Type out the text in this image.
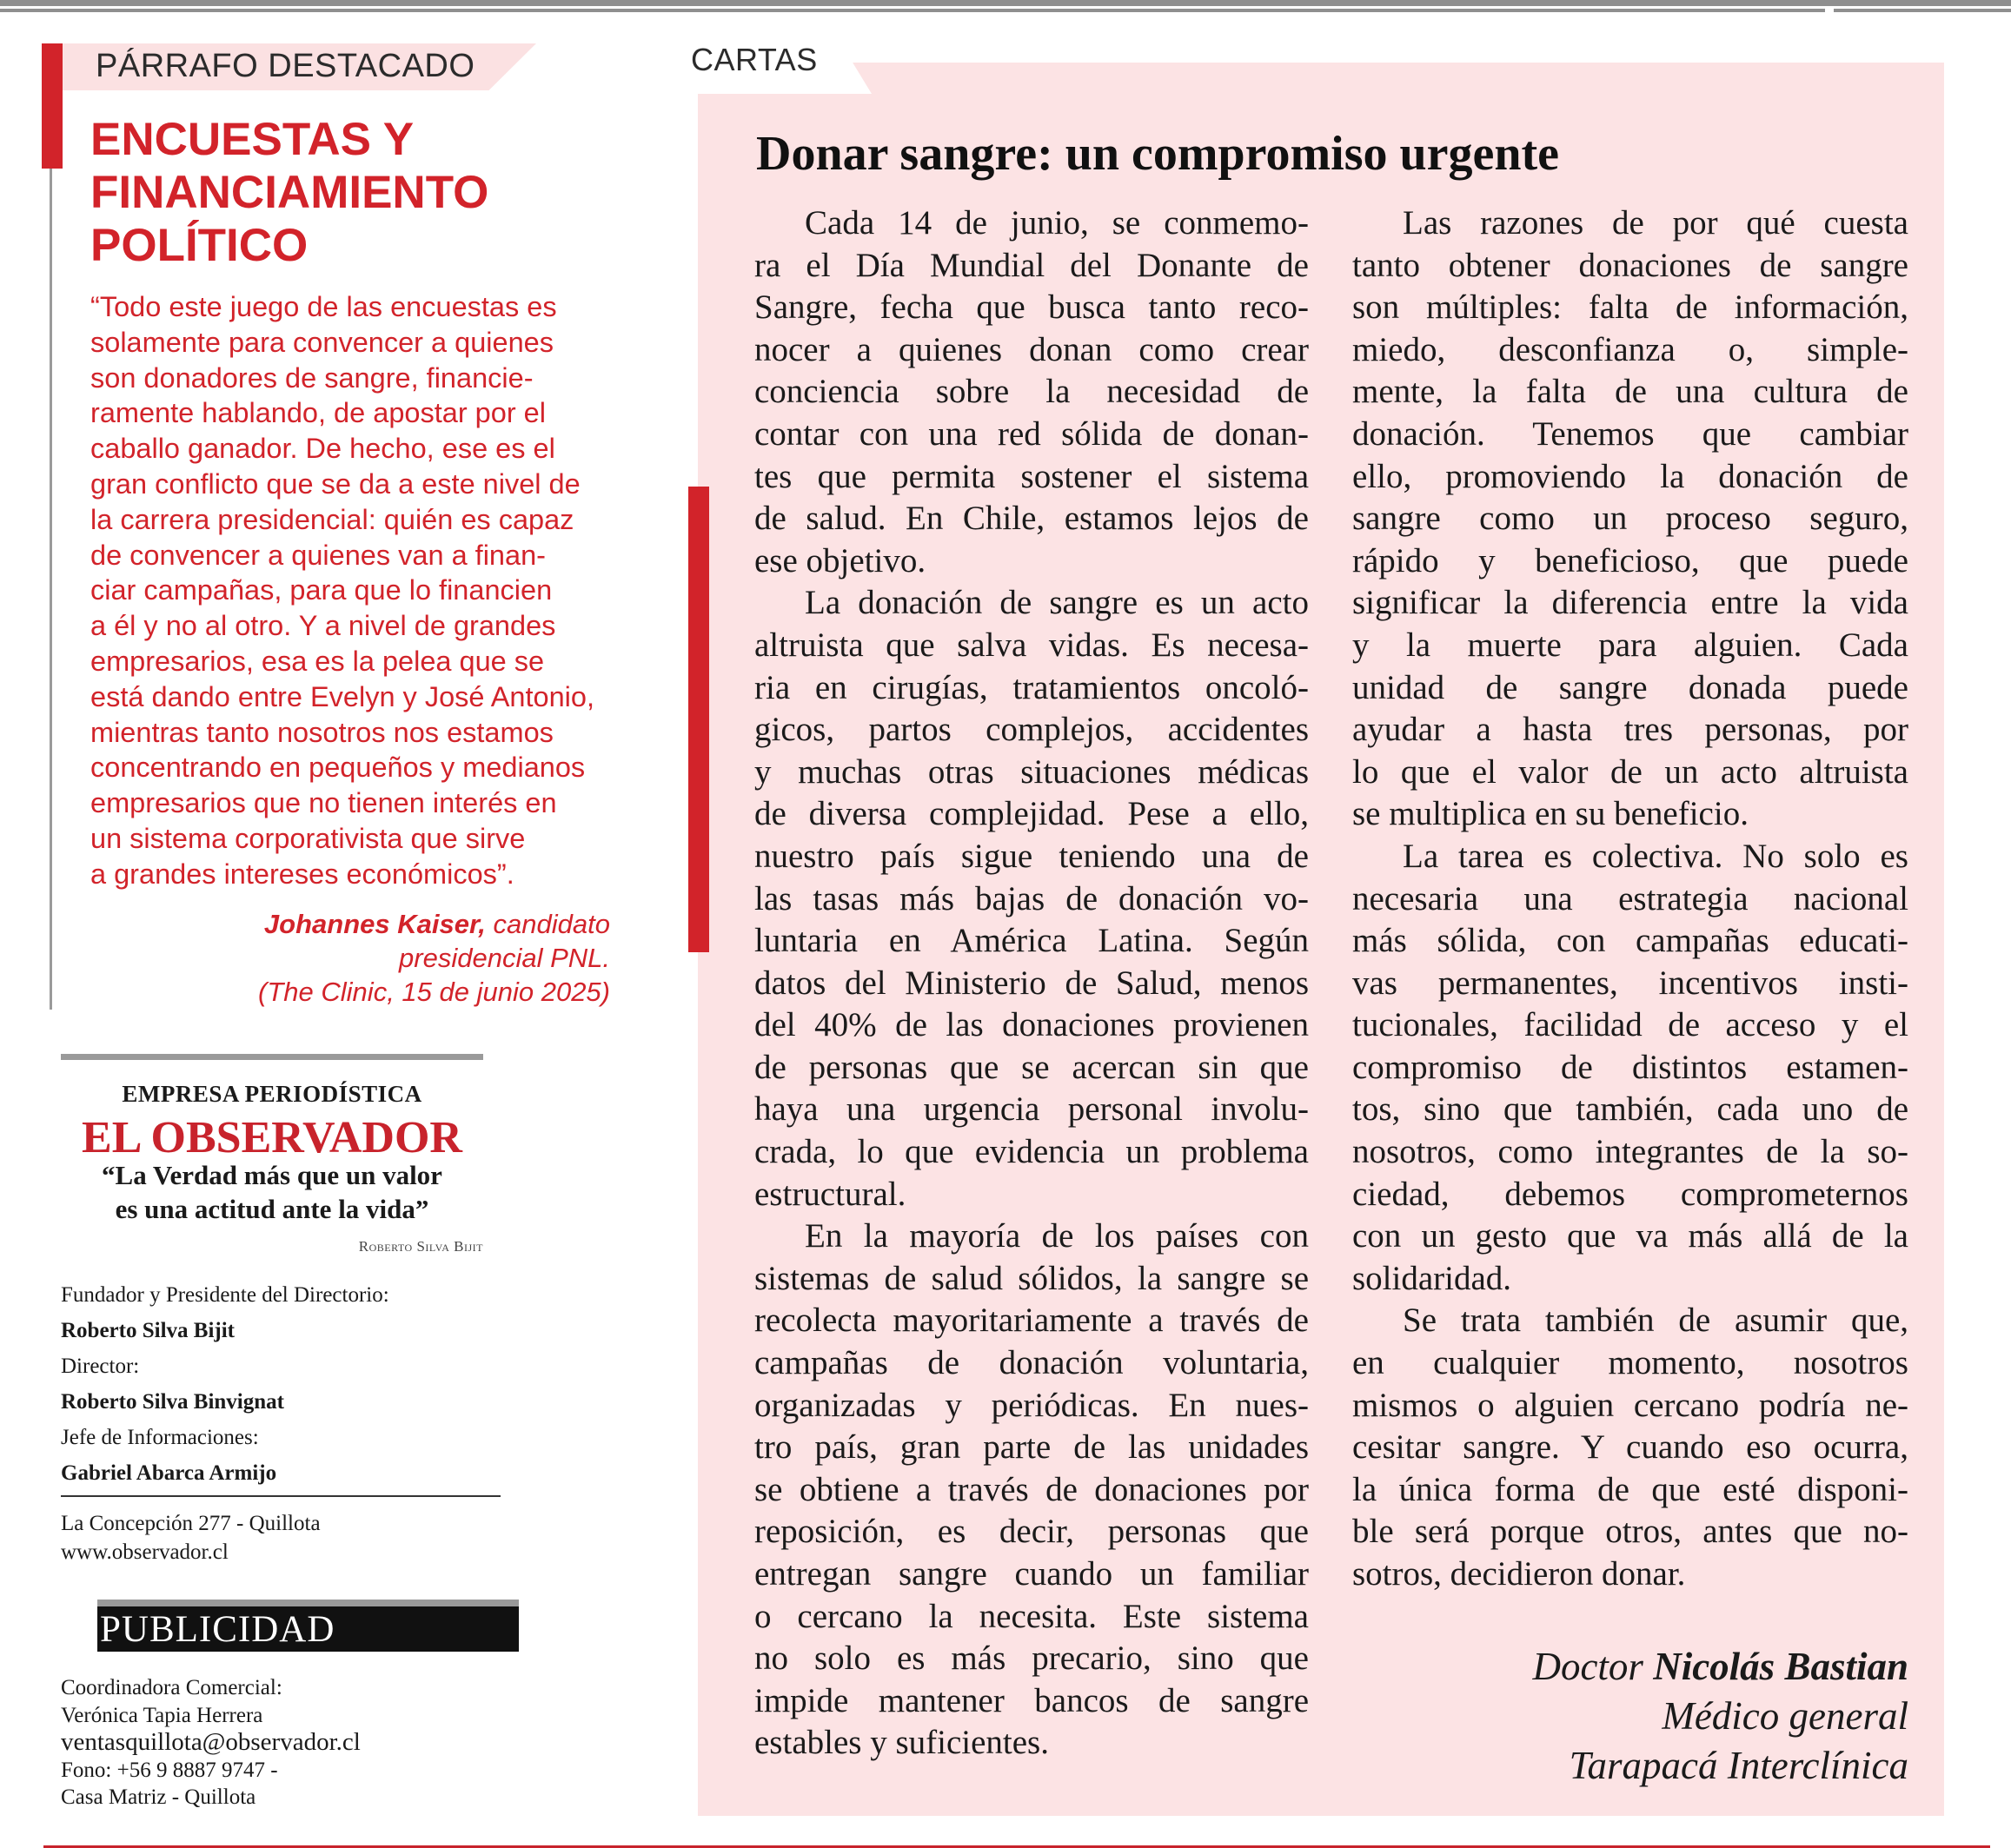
PÁRRAFO DESTACADO
ENCUESTAS Y
FINANCIAMIENTO
POLÍTICO
“Todo este juego de las encuestas es
solamente para convencer a quienes
son donadores de sangre, financie-
ramente hablando, de apostar por el
caballo ganador. De hecho, ese es el
gran conflicto que se da a este nivel de
la carrera presidencial: quién es capaz
de convencer a quienes van a finan-
ciar campañas, para que lo financien
a él y no al otro. Y a nivel de grandes
empresarios, esa es la pelea que se
está dando entre Evelyn y José Antonio,
mientras tanto nosotros nos estamos
concentrando en pequeños y medianos
empresarios que no tienen interés en
un sistema corporativista que sirve
a grandes intereses económicos”.
Johannes Kaiser, candidato
presidencial PNL.
(The Clinic, 15 de junio 2025)
EMPRESA PERIODÍSTICA
EL OBSERVADOR
“La Verdad más que un valor
es una actitud ante la vida”
Roberto Silva Bijit
Fundador y Presidente del Directorio:
Roberto Silva Bijit
Director:
Roberto Silva Binvignat
Jefe de Informaciones:
Gabriel Abarca Armijo
La Concepción 277 - Quillota
www.observador.cl
PUBLICIDAD
Coordinadora Comercial:
Verónica Tapia Herrera
ventasquillota@observador.cl
Fono: +56 9 8887 9747 -
Casa Matriz - Quillota
CARTAS
Donar sangre: un compromiso urgente
Cada 14 de junio, se conmemo-
ra el Día Mundial del Donante de
Sangre, fecha que busca tanto reco-
nocer a quienes donan como crear
conciencia sobre la necesidad de
contar con una red sólida de donan-
tes que permita sostener el sistema
de salud. En Chile, estamos lejos de
ese objetivo.
La donación de sangre es un acto
altruista que salva vidas. Es necesa-
ria en cirugías, tratamientos oncoló-
gicos, partos complejos, accidentes
y muchas otras situaciones médicas
de diversa complejidad. Pese a ello,
nuestro país sigue teniendo una de
las tasas más bajas de donación vo-
luntaria en América Latina. Según
datos del Ministerio de Salud, menos
del 40% de las donaciones provienen
de personas que se acercan sin que
haya una urgencia personal involu-
crada, lo que evidencia un problema
estructural.
En la mayoría de los países con
sistemas de salud sólidos, la sangre se
recolecta mayoritariamente a través de
campañas de donación voluntaria,
organizadas y periódicas. En nues-
tro país, gran parte de las unidades
se obtiene a través de donaciones por
reposición, es decir, personas que
entregan sangre cuando un familiar
o cercano la necesita. Este sistema
no solo es más precario, sino que
impide mantener bancos de sangre
estables y suficientes.
Las razones de por qué cuesta
tanto obtener donaciones de sangre
son múltiples: falta de información,
miedo, desconfianza o, simple-
mente, la falta de una cultura de
donación. Tenemos que cambiar
ello, promoviendo la donación de
sangre como un proceso seguro,
rápido y beneficioso, que puede
significar la diferencia entre la vida
y la muerte para alguien. Cada
unidad de sangre donada puede
ayudar a hasta tres personas, por
lo que el valor de un acto altruista
se multiplica en su beneficio.
La tarea es colectiva. No solo es
necesaria una estrategia nacional
más sólida, con campañas educati-
vas permanentes, incentivos insti-
tucionales, facilidad de acceso y el
compromiso de distintos estamen-
tos, sino que también, cada uno de
nosotros, como integrantes de la so-
ciedad, debemos comprometernos
con un gesto que va más allá de la
solidaridad.
Se trata también de asumir que,
en cualquier momento, nosotros
mismos o alguien cercano podría ne-
cesitar sangre. Y cuando eso ocurra,
la única forma de que esté disponi-
ble será porque otros, antes que no-
sotros, decidieron donar.
Doctor Nicolás Bastian
Médico general
Tarapacá Interclínica
